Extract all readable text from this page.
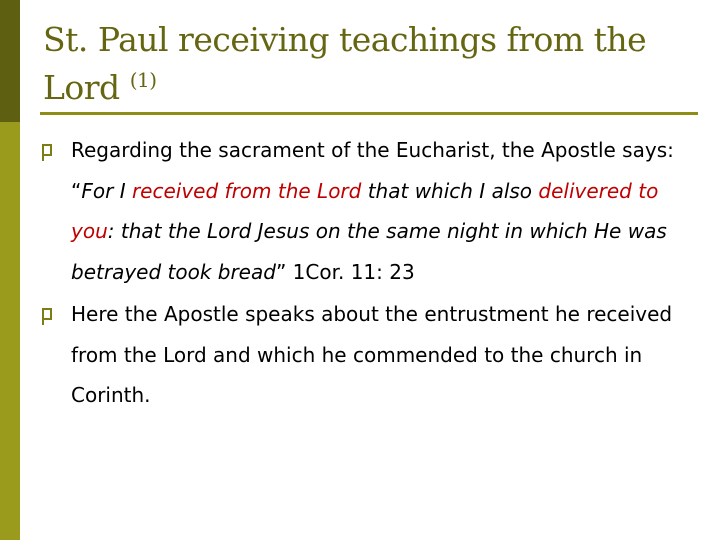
St. Paul receiving teachings from the Lord $^{(1)}$
Regarding the sacrament of the Eucharist, the Apostle says: “For I received from the Lord that which I also delivered to you: that the Lord Jesus on the same night in which He was betrayed took bread” 1Cor. 11: 23
Here the Apostle speaks about the entrustment he received from the Lord and which he commended to the church in Corinth.
